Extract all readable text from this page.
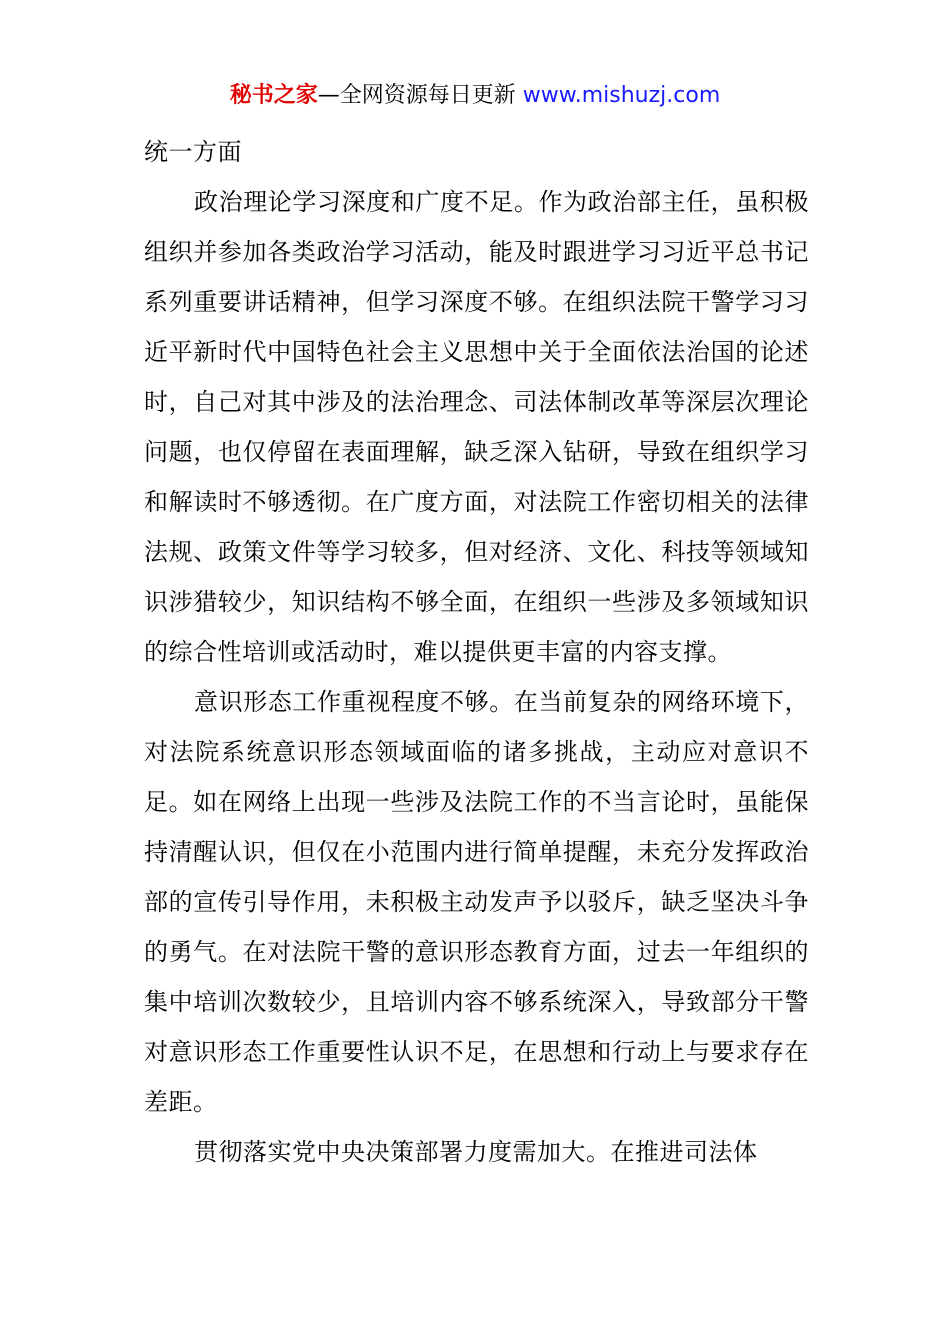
秘书之家—全网资源每日更新 www.mishuzj.com

统一方面

政治理论学习深度和广度不足。作为政治部主任，虽积极组织并参加各类政治学习活动，能及时跟进学习习近平总书记系列重要讲话精神，但学习深度不够。在组织法院干警学习习近平新时代中国特色社会主义思想中关于全面依法治国的论述时，自己对其中涉及的法治理念、司法体制改革等深层次理论问题，也仅停留在表面理解，缺乏深入钻研，导致在组织学习和解读时不够透彻。在广度方面，对法院工作密切相关的法律法规、政策文件等学习较多，但对经济、文化、科技等领域知识涉猎较少，知识结构不够全面，在组织一些涉及多领域知识的综合性培训或活动时，难以提供更丰富的内容支撑。

意识形态工作重视程度不够。在当前复杂的网络环境下，对法院系统意识形态领域面临的诸多挑战，主动应对意识不足。如在网络上出现一些涉及法院工作的不当言论时，虽能保持清醒认识，但仅在小范围内进行简单提醒，未充分发挥政治部的宣传引导作用，未积极主动发声予以驳斥，缺乏坚决斗争的勇气。在对法院干警的意识形态教育方面，过去一年组织的集中培训次数较少，且培训内容不够系统深入，导致部分干警对意识形态工作重要性认识不足，在思想和行动上与要求存在差距。

贯彻落实党中央决策部署力度需加大。在推进司法体
